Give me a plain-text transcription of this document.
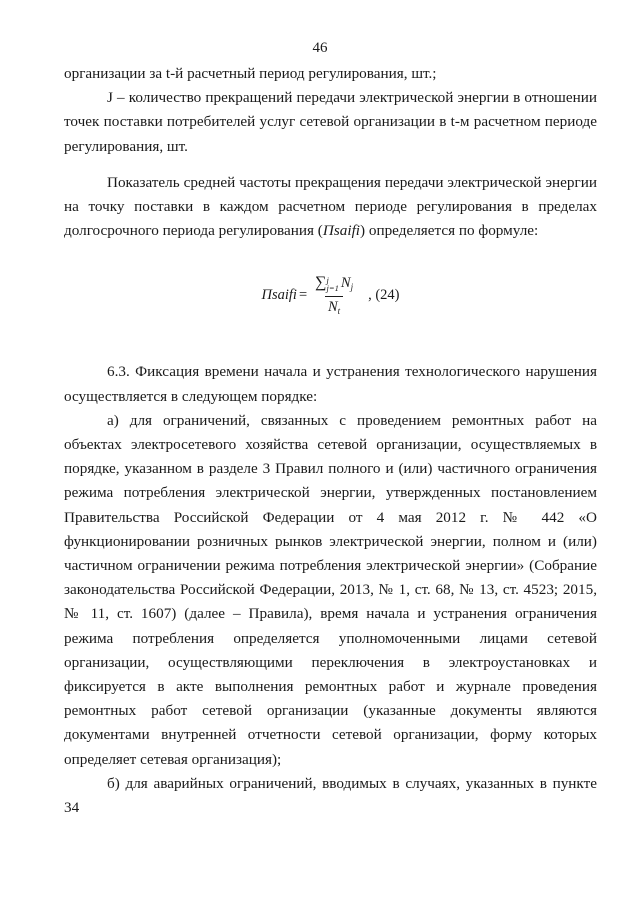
46

организации за t-й расчетный период регулирования, шт.;

J – количество прекращений передачи электрической энергии в отношении точек поставки потребителей услуг сетевой организации в t-м расчетном периоде регулирования, шт.

Показатель средней частоты прекращения передачи электрической энергии на точку поставки в каждом расчетном периоде регулирования в пределах долгосрочного периода регулирования (Пsaifi) определяется по формуле:

Пsaifi = ∑ j
j=1 $N_j$
$N_t$ , (24)

6.3. Фиксация времени начала и устранения технологического нарушения осуществляется в следующем порядке:

а) для ограничений, связанных с проведением ремонтных работ на объектах электросетевого хозяйства сетевой организации, осуществляемых в порядке, указанном в разделе 3 Правил полного и (или) частичного ограничения режима потребления электрической энергии, утвержденных постановлением Правительства Российской Федерации от 4 мая 2012 г. № 442 «О функционировании розничных рынков электрической энергии, полном и (или) частичном ограничении режима потребления электрической энергии» (Собрание законодательства Российской Федерации, 2013, № 1, ст. 68, № 13, ст. 4523; 2015, № 11, ст. 1607) (далее – Правила), время начала и устранения ограничения режима потребления определяется уполномоченными лицами сетевой организации, осуществляющими переключения в электроустановках и фиксируется в акте выполнения ремонтных работ и журнале проведения ремонтных работ сетевой организации (указанные документы являются документами внутренней отчетности сетевой организации, форму которых определяет сетевая организация);

б) для аварийных ограничений, вводимых в случаях, указанных в пункте 34
